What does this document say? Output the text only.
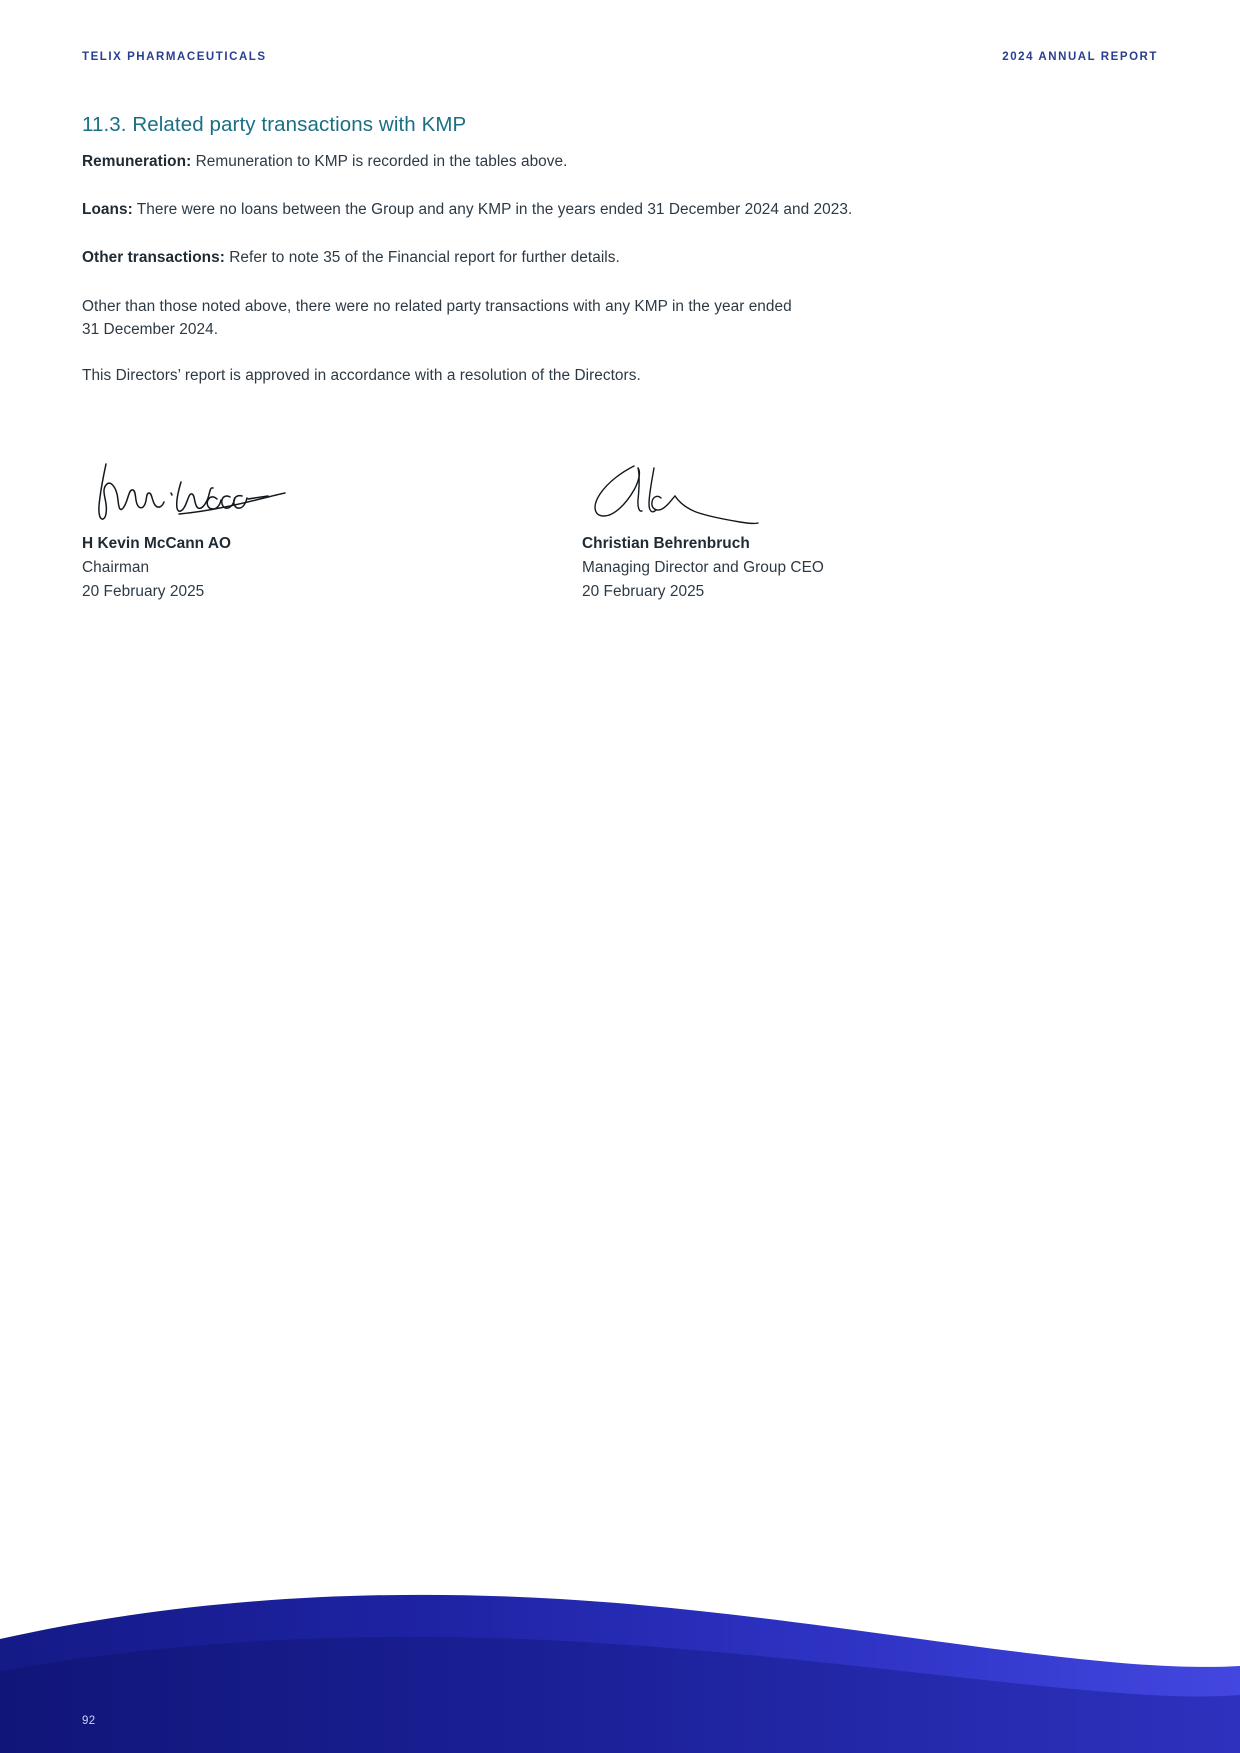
TELIX PHARMACEUTICALS	2024 ANNUAL REPORT
11.3. Related party transactions with KMP

Remuneration: Remuneration to KMP is recorded in the tables above.

Loans: There were no loans between the Group and any KMP in the years ended 31 December 2024 and 2023.

Other transactions: Refer to note 35 of the Financial report for further details.

Other than those noted above, there were no related party transactions with any KMP in the year ended
31 December 2024.

This Directors’ report is approved in accordance with a resolution of the Directors.

H Kevin McCann AO
Chairman
20 February 2025
Christian Behrenbruch
Managing Director and Group CEO
20 February 2025
92
